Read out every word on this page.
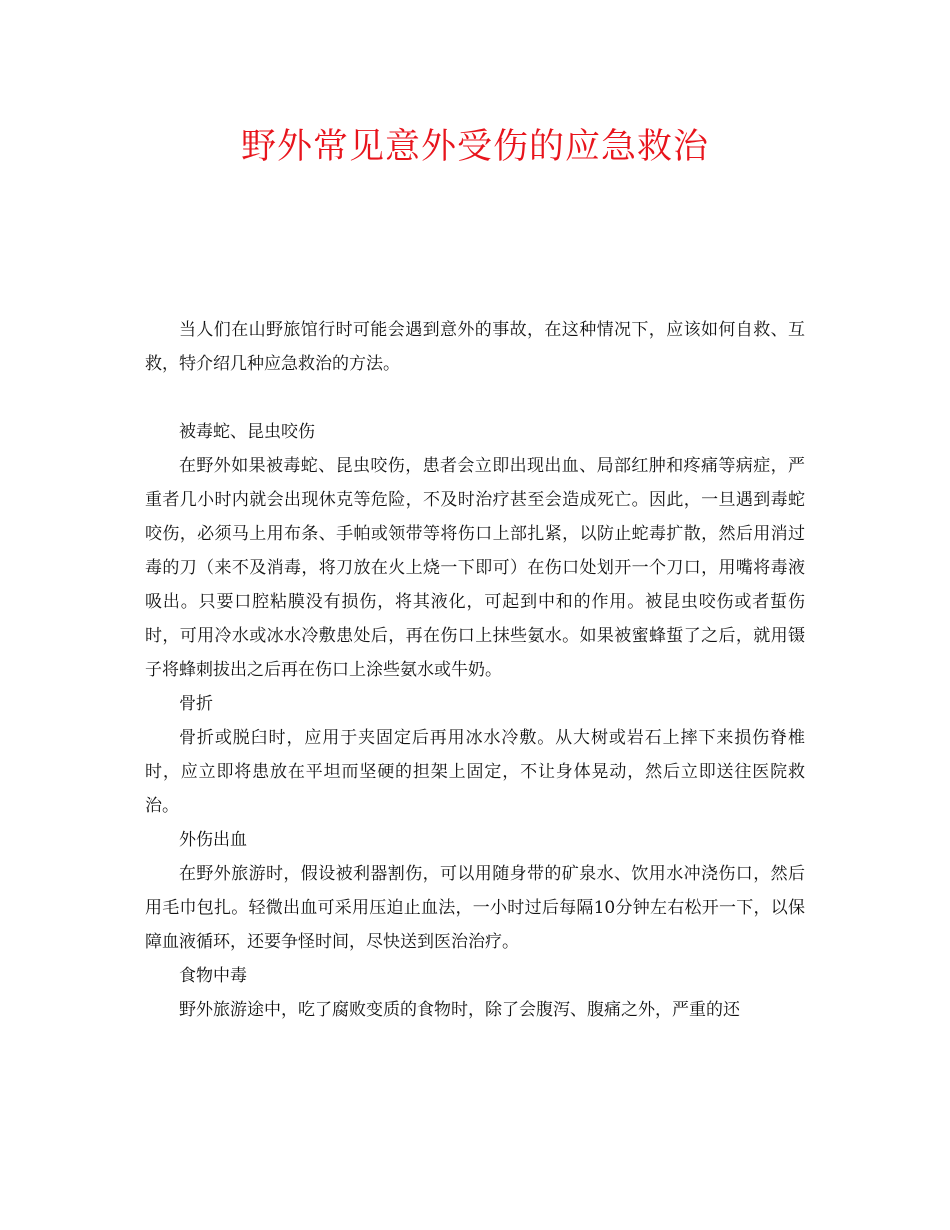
野外常见意外受伤的应急救治

当人们在山野旅馆行时可能会遇到意外的事故，在这种情况下，应该如何自救、互救，特介绍几种应急救治的方法。

被毒蛇、昆虫咬伤

在野外如果被毒蛇、昆虫咬伤，患者会立即出现出血、局部红肿和疼痛等病症，严重者几小时内就会出现休克等危险，不及时治疗甚至会造成死亡。因此，一旦遇到毒蛇咬伤，必须马上用布条、手帕或领带等将伤口上部扎紧，以防止蛇毒扩散，然后用消过毒的刀（来不及消毒，将刀放在火上烧一下即可）在伤口处划开一个刀口，用嘴将毒液吸出。只要口腔粘膜没有损伤，将其液化，可起到中和的作用。被昆虫咬伤或者蜇伤时，可用冷水或冰水冷敷患处后，再在伤口上抹些氨水。如果被蜜蜂蜇了之后，就用镊子将蜂刺拔出之后再在伤口上涂些氨水或牛奶。

骨折

骨折或脱臼时，应用于夹固定后再用冰水冷敷。从大树或岩石上摔下来损伤脊椎时，应立即将患放在平坦而坚硬的担架上固定，不让身体晃动，然后立即送往医院救治。

外伤出血

在野外旅游时，假设被利器割伤，可以用随身带的矿泉水、饮用水冲浇伤口，然后用毛巾包扎。轻微出血可采用压迫止血法，一小时过后每隔10分钟左右松开一下，以保障血液循环，还要争怪时间，尽快送到医治治疗。

食物中毒

野外旅游途中，吃了腐败变质的食物时，除了会腹泻、腹痛之外，严重的还
